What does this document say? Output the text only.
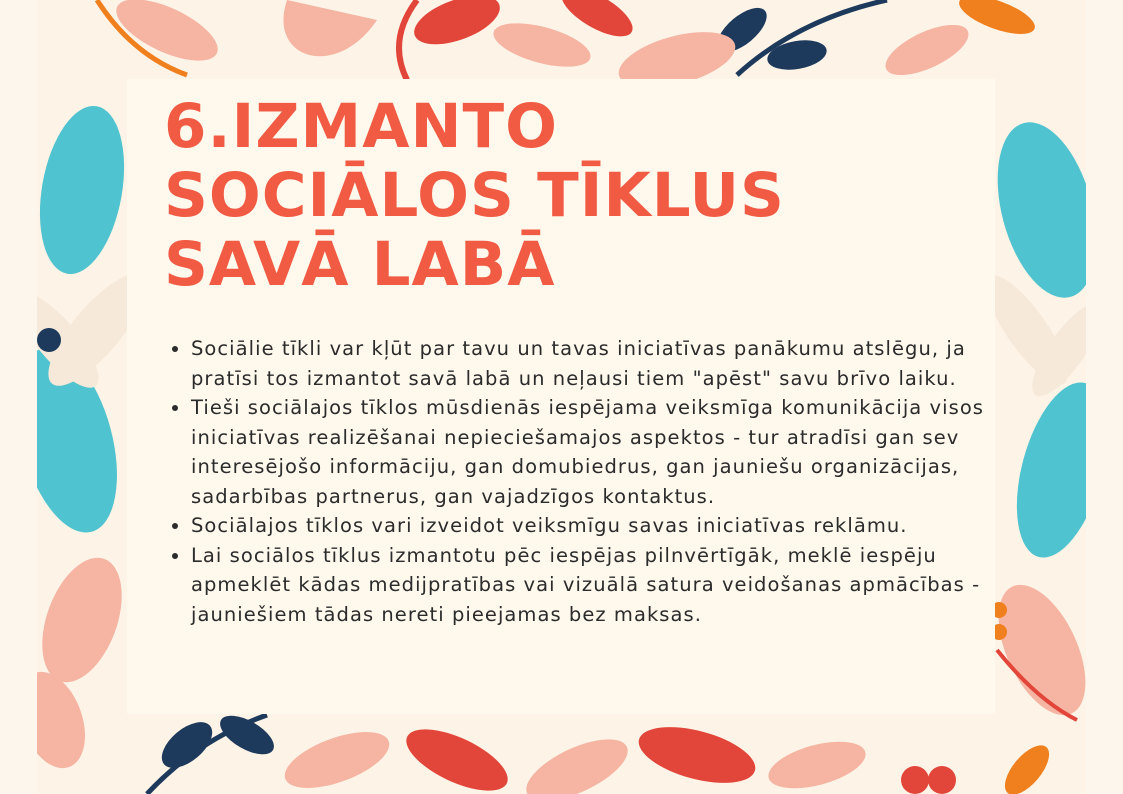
6.IZMANTO
SOCIĀLOS TĪKLUS
SAVĀ LABĀ
• Sociālie tīkli var kļūt par tavu un tavas iniciatīvas panākumu atslēgu, ja pratīsi tos izmantot savā labā un neļausi tiem "apēst" savu brīvo laiku.
• Tieši sociālajos tīklos mūsdienās iespējama veiksmīga komunikācija visos iniciatīvas realizēšanai nepieciešamajos aspektos - tur atradīsi gan sev interesējošo informāciju, gan domubiedrus, gan jauniešu organizācijas, sadarbības partnerus, gan vajadzīgos kontaktus.
• Sociālajos tīklos vari izveidot veiksmīgu savas iniciatīvas reklāmu.
• Lai sociālos tīklus izmantotu pēc iespējas pilnvērtīgāk, meklē iespēju apmeklēt kādas medijpratības vai vizuālā satura veidošanas apmācības - jauniešiem tādas nereti pieejamas bez maksas.
